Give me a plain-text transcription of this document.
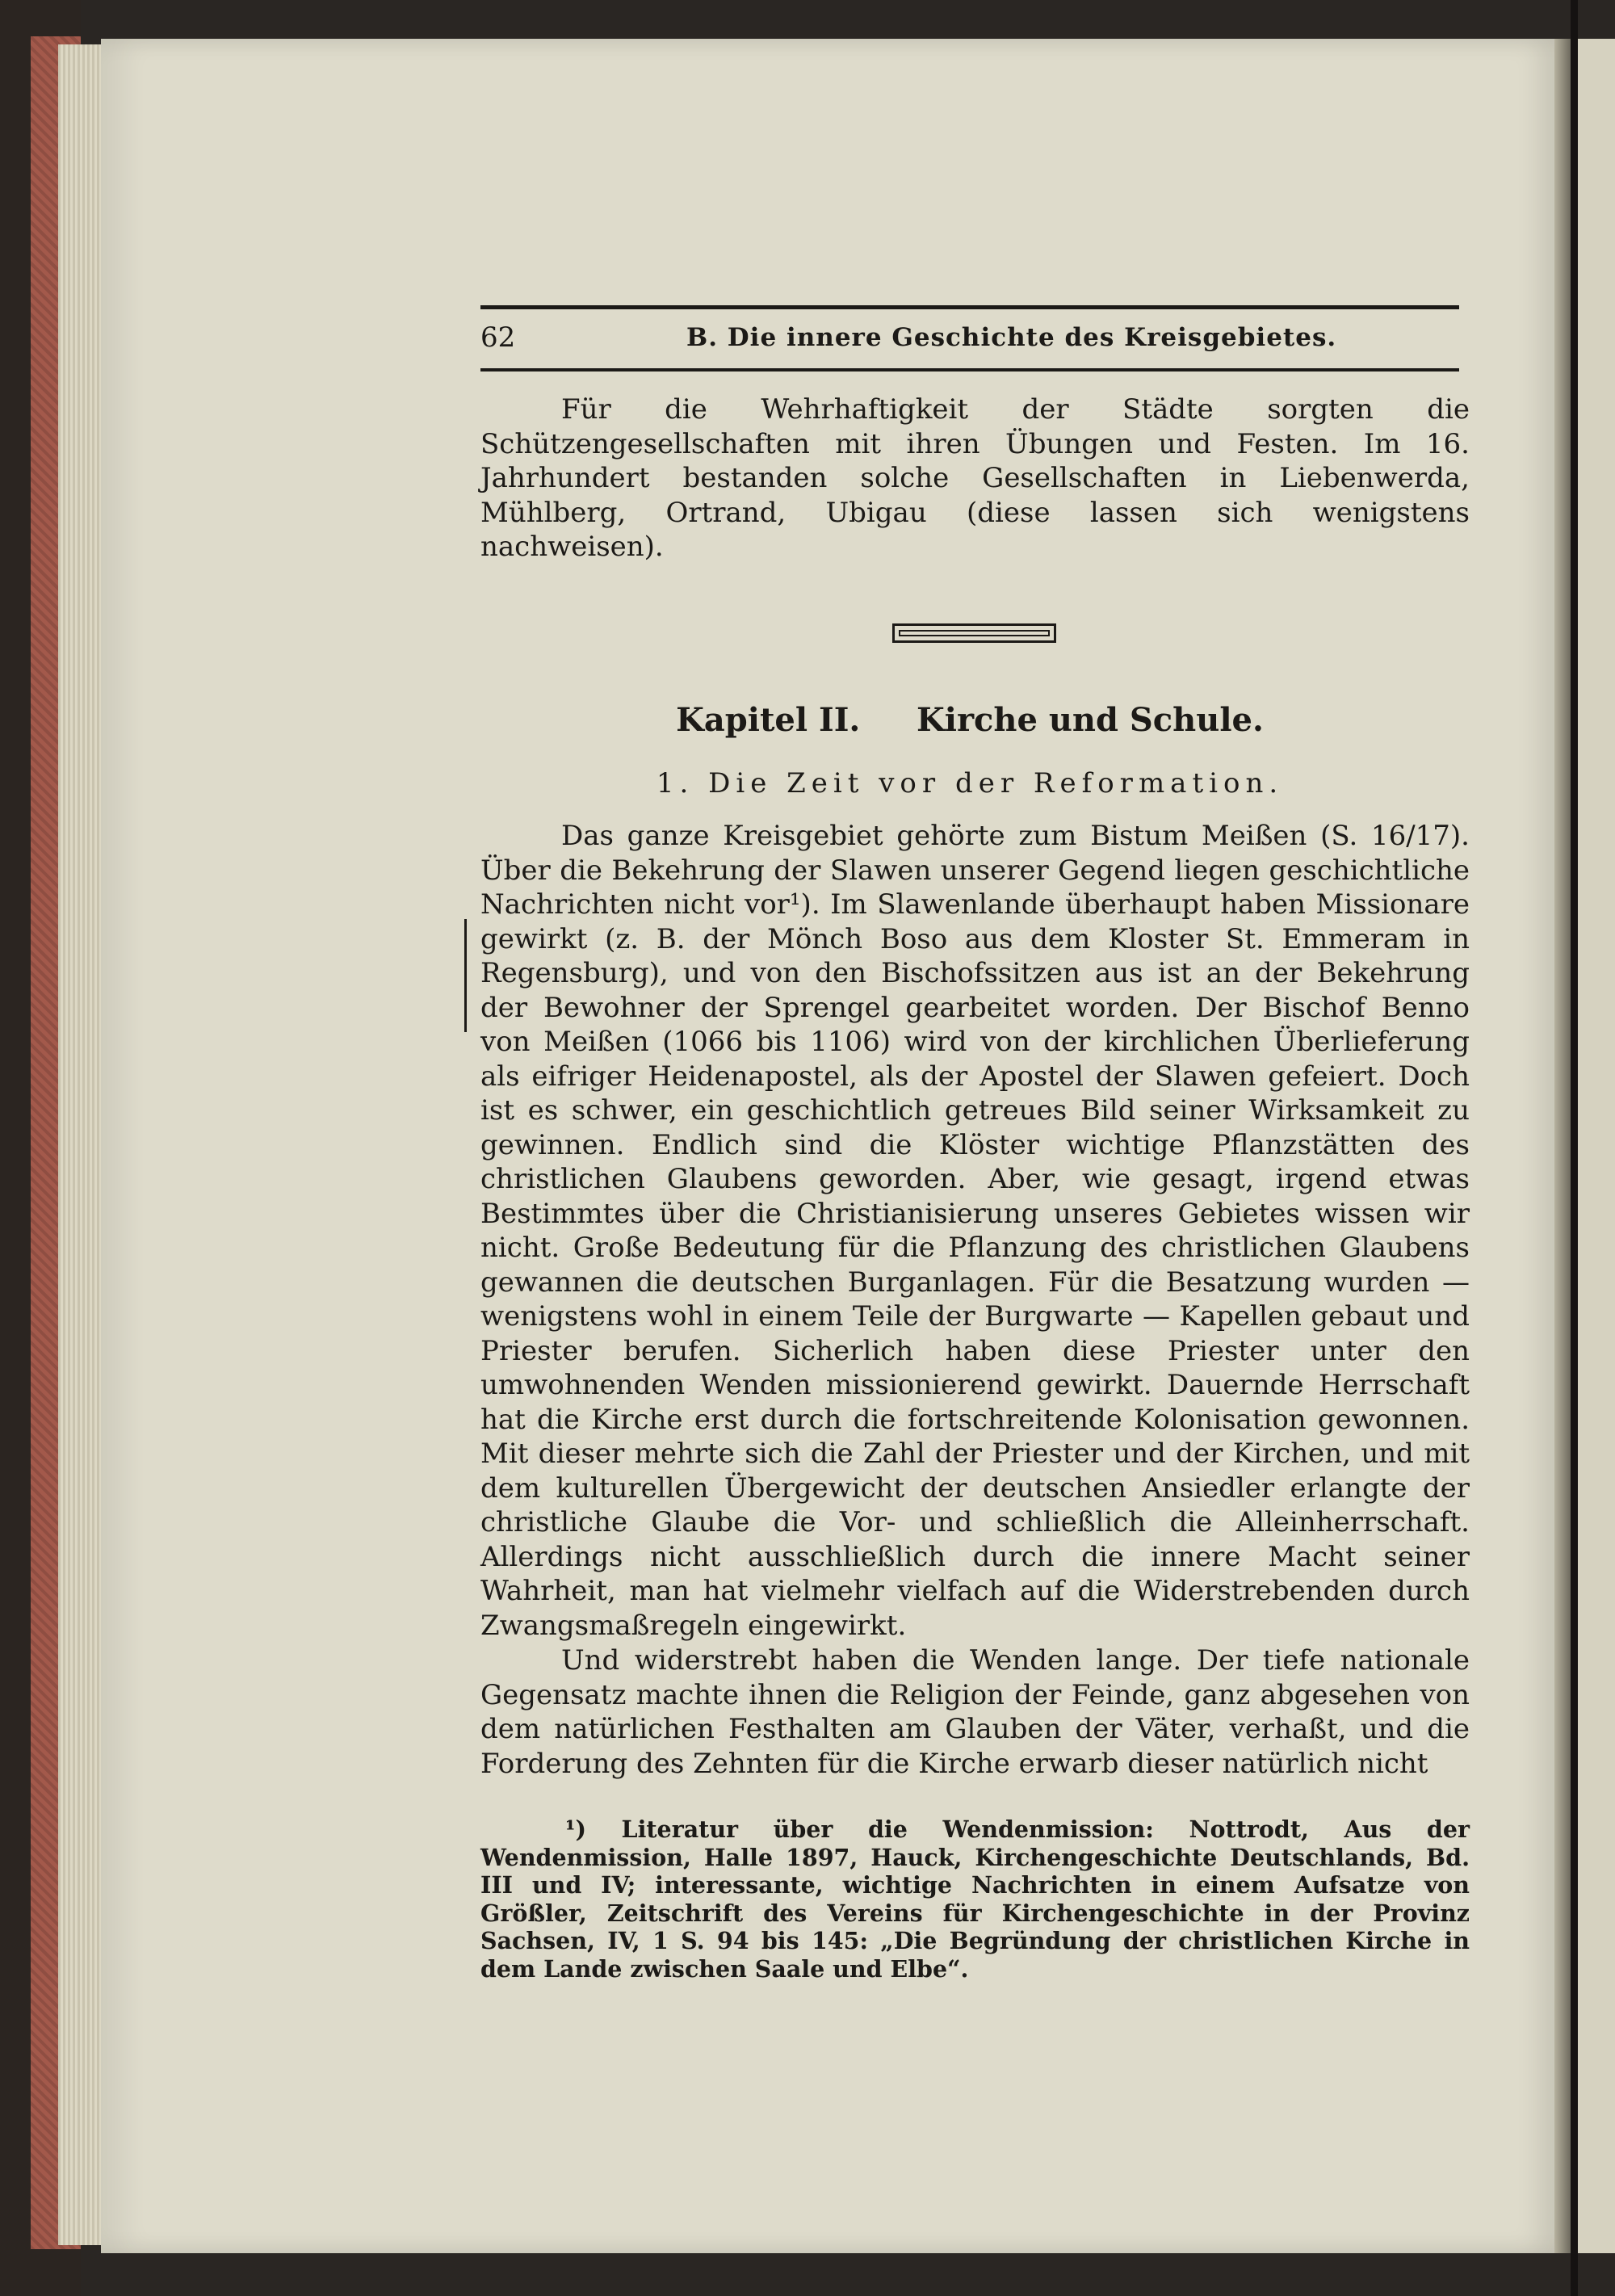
62	B. Die innere Geschichte des Kreisgebietes.

Für die Wehrhaftigkeit der Städte sorgten die Schützengesellschaften mit ihren Übungen und Festen. Im 16. Jahrhundert bestanden solche Gesellschaften in Liebenwerda, Mühlberg, Ortrand, Ubigau (diese lassen sich wenigstens nachweisen).

Kapitel II. Kirche und Schule.
1. Die Zeit vor der Reformation.

Das ganze Kreisgebiet gehörte zum Bistum Meißen (S. 16/17). Über die Bekehrung der Slawen unserer Gegend liegen geschichtliche Nachrichten nicht vor¹). Im Slawenlande überhaupt haben Missionare gewirkt (z. B. der Mönch Boso aus dem Kloster St. Emmeram in Regensburg), und von den Bischofssitzen aus ist an der Bekehrung der Bewohner der Sprengel gearbeitet worden. Der Bischof Benno von Meißen (1066 bis 1106) wird von der kirchlichen Überlieferung als eifriger Heidenapostel, als der Apostel der Slawen gefeiert. Doch ist es schwer, ein geschichtlich getreues Bild seiner Wirksamkeit zu gewinnen. Endlich sind die Klöster wichtige Pflanzstätten des christlichen Glaubens geworden. Aber, wie gesagt, irgend etwas Bestimmtes über die Christianisierung unseres Gebietes wissen wir nicht. Große Bedeutung für die Pflanzung des christlichen Glaubens gewannen die deutschen Burganlagen. Für die Besatzung wurden — wenigstens wohl in einem Teile der Burgwarte — Kapellen gebaut und Priester berufen. Sicherlich haben diese Priester unter den umwohnenden Wenden missionierend gewirkt. Dauernde Herrschaft hat die Kirche erst durch die fortschreitende Kolonisation gewonnen. Mit dieser mehrte sich die Zahl der Priester und der Kirchen, und mit dem kulturellen Übergewicht der deutschen Ansiedler erlangte der christliche Glaube die Vor- und schließlich die Alleinherrschaft. Allerdings nicht ausschließlich durch die innere Macht seiner Wahrheit, man hat vielmehr vielfach auf die Widerstrebenden durch Zwangsmaßregeln eingewirkt.

Und widerstrebt haben die Wenden lange. Der tiefe nationale Gegensatz machte ihnen die Religion der Feinde, ganz abgesehen von dem natürlichen Festhalten am Glauben der Väter, verhaßt, und die Forderung des Zehnten für die Kirche erwarb dieser natürlich nicht

¹) Literatur über die Wendenmission: Nottrodt, Aus der Wendenmission, Halle 1897, Hauck, Kirchengeschichte Deutschlands, Bd. III und IV; interessante, wichtige Nachrichten in einem Aufsatze von Größler, Zeitschrift des Vereins für Kirchengeschichte in der Provinz Sachsen, IV, 1 S. 94 bis 145: „Die Begründung der christlichen Kirche in dem Lande zwischen Saale und Elbe“.
